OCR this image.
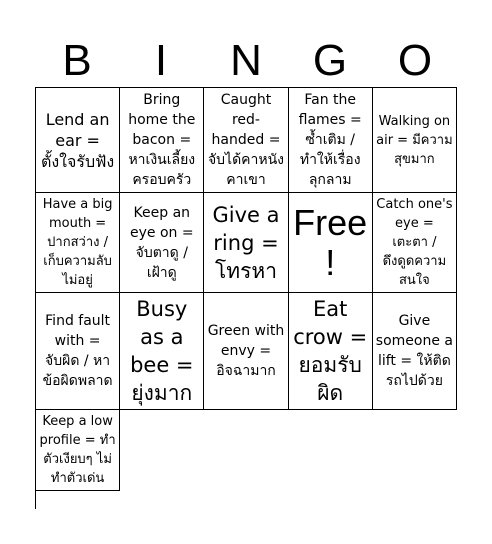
B	I	N	G	O
Lend an ear = ตั้งใจรับฟัง
Bring home the bacon = หาเงินเลี้ยงครอบครัว
Caught red-handed = จับได้คาหนังคาเขา
Fan the flames = ซ้ำเติม / ทำให้เรื่องลุกลาม
Walking on air = มีความสุขมาก
Have a big mouth = ปากสว่าง / เก็บความลับไม่อยู่
Keep an eye on = จับตาดู / เฝ้าดู
Give a ring = โทรหา
Free!
Catch one's eye = เตะตา / ดึงดูดความสนใจ
Find fault with = จับผิด / หาข้อผิดพลาด
Busy as a bee = ยุ่งมาก
Green with envy = อิจฉามาก
Eat crow = ยอมรับผิด
Give someone a lift = ให้ติดรถไปด้วย
Keep a low profile = ทำตัวเงียบๆ ไม่ทำตัวเด่น
